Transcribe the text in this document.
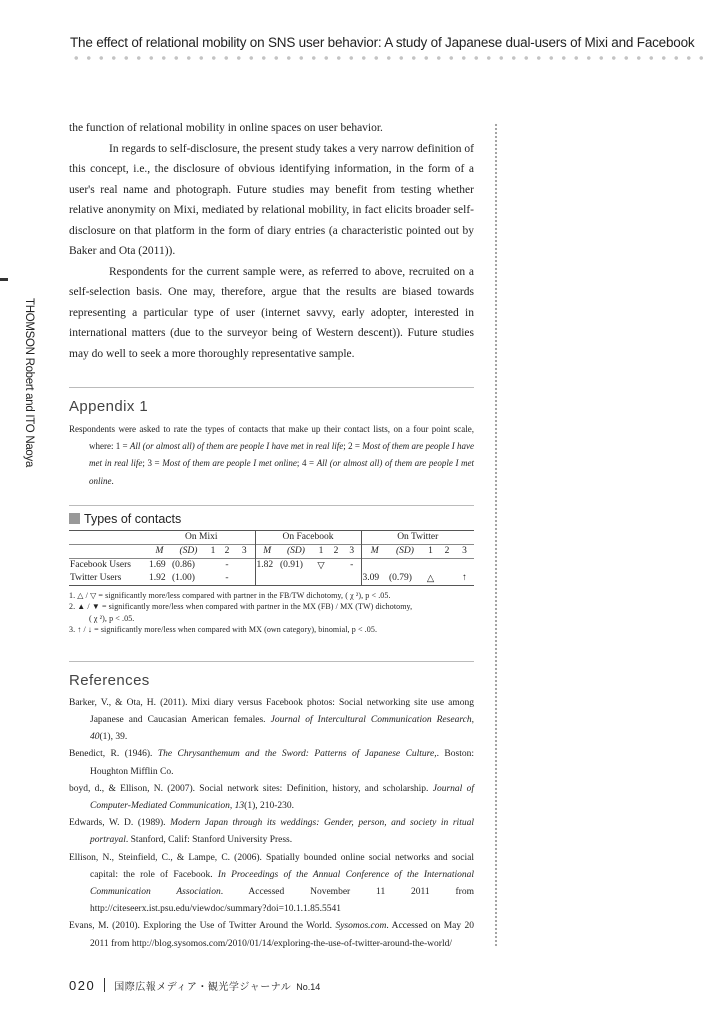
The effect of relational mobility on SNS user behavior: A study of Japanese dual-users of Mixi and Facebook
THOMSON Robert and ITO Naoya

the function of relational mobility in online spaces on user behavior.

In regards to self-disclosure, the present study takes a very narrow definition of this concept, i.e., the disclosure of obvious identifying information, in the form of a user's real name and photograph. Future studies may benefit from testing whether relative anonymity on Mixi, mediated by relational mobility, in fact elicits broader self-disclosure on that platform in the form of diary entries (a characteristic pointed out by Baker and Ota (2011)).

Respondents for the current sample were, as referred to above, recruited on a self-selection basis. One may, therefore, argue that the results are biased towards representing a particular type of user (internet savvy, early adopter, interested in international matters (due to the surveyor being of Western descent)). Future studies may do well to seek a more thoroughly representative sample.

Appendix 1

Respondents were asked to rate the types of contacts that make up their contact lists, on a four point scale, where: 1 = All (or almost all) of them are people I have met in real life; 2 = Most of them are people I have met in real life; 3 = Most of them are people I met online; 4 = All (or almost all) of them are people I met online.

Types of contacts
	On Mixi					On Facebook					On Twitter				
	M	(SD)	1	2	3	M	(SD)	1	2	3	M	(SD)	1	2	3
Facebook Users	1.69	(0.86)		-		1.82	(0.91)	▽		-					
Twitter Users	1.92	(1.00)		-							3.09	(0.79)	△		↑

1. △ / ▽ = significantly more/less compared with partner in the FB/TW dichotomy, ( χ ²), p < .05.

2. ▲ / ▼ = significantly more/less when compared with partner in the MX (FB) / MX (TW) dichotomy,

( χ ²), p < .05.

3. ↑ / ↓ = significantly more/less when compared with MX (own category), binomial, p < .05.

References

Barker, V., & Ota, H. (2011). Mixi diary versus Facebook photos: Social networking site use among Japanese and Caucasian American females. Journal of Intercultural Communication Research, 40(1), 39.

Benedict, R. (1946). The Chrysanthemum and the Sword: Patterns of Japanese Culture,. Boston: Houghton Mifflin Co.

boyd, d., & Ellison, N. (2007). Social network sites: Definition, history, and scholarship. Journal of Computer-Mediated Communication, 13(1), 210-230.

Edwards, W. D. (1989). Modern Japan through its weddings: Gender, person, and society in ritual portrayal. Stanford, Calif: Stanford University Press.

Ellison, N., Steinfield, C., & Lampe, C. (2006). Spatially bounded online social networks and social capital: the role of Facebook. In Proceedings of the Annual Conference of the International Communication Association. Accessed November 11 2011 from http://citeseerx.ist.psu.edu/viewdoc/summary?doi=10.1.1.85.5541

Evans, M. (2010). Exploring the Use of Twitter Around the World. Sysomos.com. Accessed on May 20 2011 from http://blog.sysomos.com/2010/01/14/exploring-the-use-of-twitter-around-the-world/

020 国際広報メディア・観光学ジャーナル No.14
